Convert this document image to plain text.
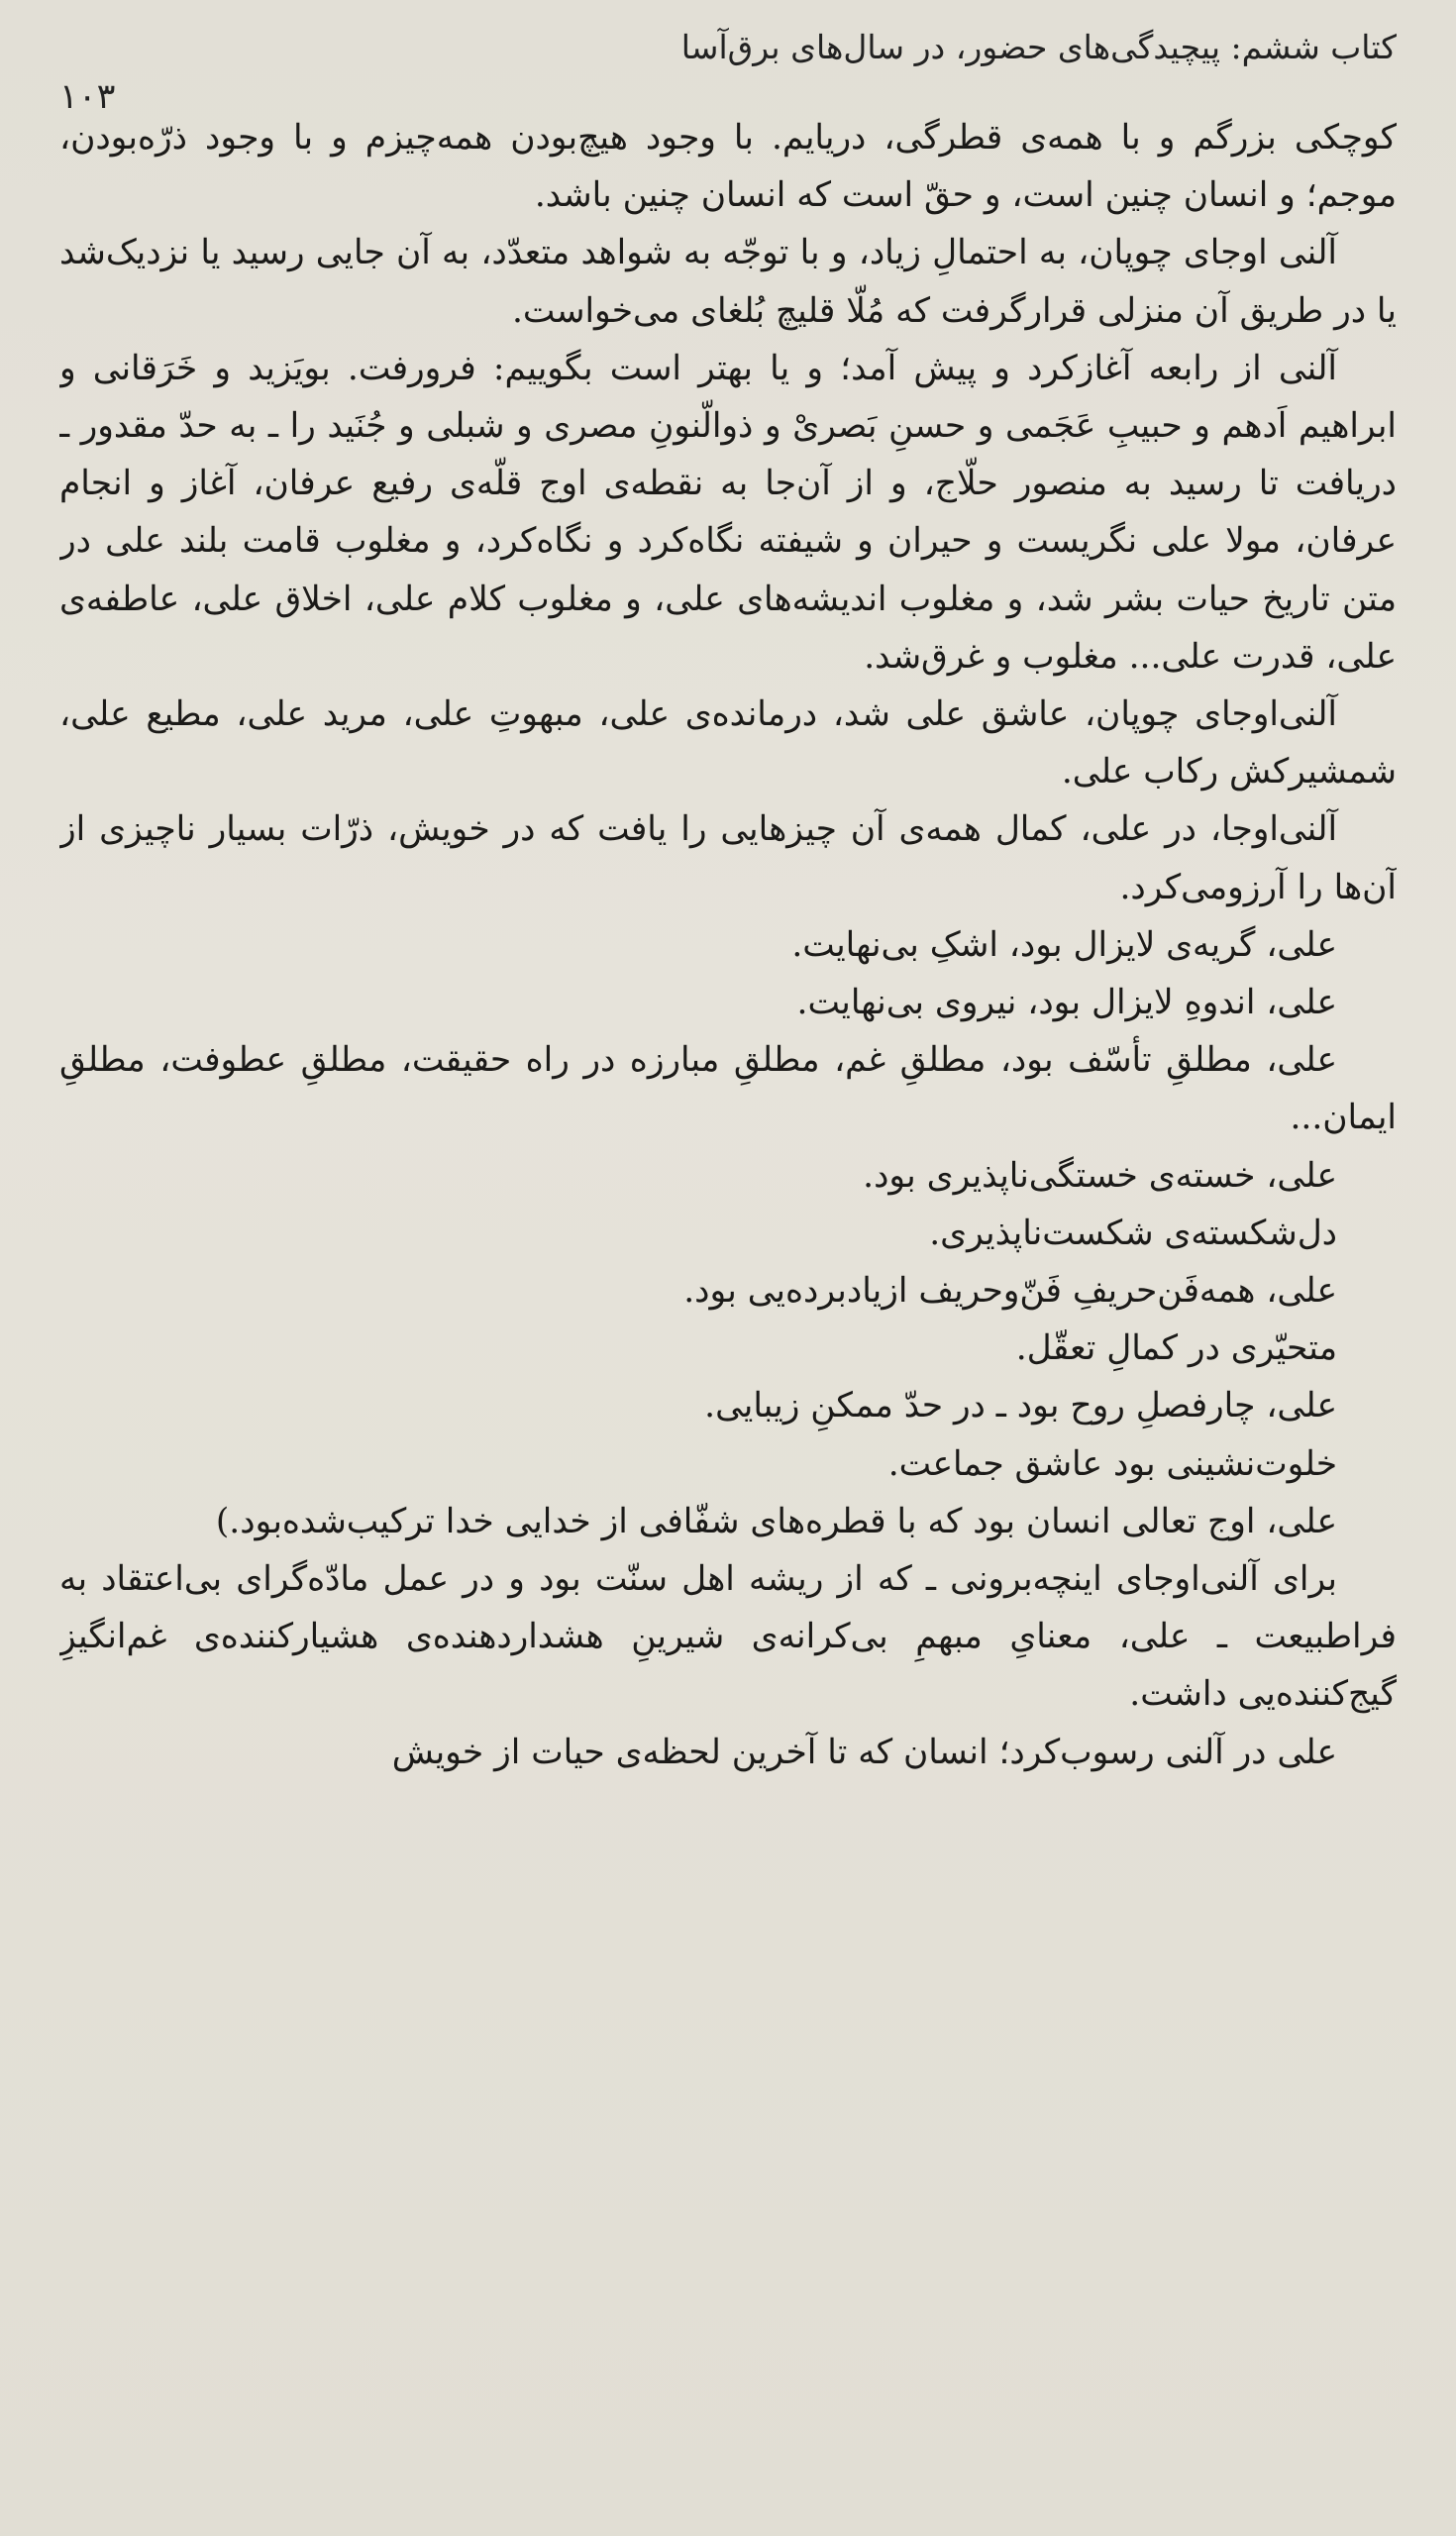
کتاب ششم: پیچیدگی‌های حضور، در سال‌های برق‌آسا
۱۰۳

کوچکی بزرگم و با همه‌ی قطرگی، دریایم. با وجود هیچ‌بودن همه‌چیزم و با وجود ذرّه‌بودن، موجم؛ و انسان چنین است، و حقّ است که انسان چنین باشد.

آلنی اوجای چوپان، به احتمالِ زیاد، و با توجّه به شواهد متعدّد، به آن جایی رسید یا نزدیک‌شد یا در طریق آن منزلی قرارگرفت که مُلّا قلیچ بُلغای می‌خواست.

آلنی از رابعه آغازکرد و پیش آمد؛ و یا بهتر است بگوییم: فرورفت. بویَزید و خَرَقانی و ابراهیم اَدهم و حبیبِ عَجَمی و حسنِ بَصریْ و ذوالّنونِ مصری و شبلی و جُنَید را ـ به حدّ مقدور ـ دریافت تا رسید به منصور حلّاج، و از آن‌جا به نقطه‌ی اوج قلّه‌ی رفیع عرفان، آغاز و انجام عرفان، مولا علی نگریست و حیران و شیفته نگاه‌کرد و نگاه‌کرد، و مغلوب قامت بلند علی در متن تاریخ حیات بشر شد، و مغلوب اندیشه‌های علی، و مغلوب کلام علی، اخلاق علی، عاطفه‌ی علی، قدرت علی... مغلوب و غرق‌شد.

آلنی‌اوجای چوپان، عاشق علی شد، درمانده‌ی علی، مبهوتِ علی، مرید علی، مطیع علی، شمشیرکش رکاب علی.

آلنی‌اوجا، در علی، کمال همه‌ی آن چیزهایی را یافت که در خویش، ذرّات بسیار ناچیزی از آن‌ها را آرزومی‌کرد.

علی، گریه‌ی لایزال بود، اشکِ بی‌نهایت.

علی، اندوهِ لایزال بود، نیروی بی‌نهایت.

علی، مطلقِ تأسّف بود، مطلقِ غم، مطلقِ مبارزه در راه حقیقت، مطلقِ عطوفت، مطلقِ ایمان...

علی، خسته‌ی خستگی‌ناپذیری بود.

دل‌شکسته‌ی شکست‌ناپذیری.

علی، همه‌فَن‌حریفِ فَنّ‌وحریف ازیادبرده‌یی بود.

متحیّری در کمالِ تعقّل.

علی، چارفصلِ روح بود ـ در حدّ ممکنِ زیبایی.

خلوت‌نشینی بود عاشق جماعت.

علی، اوج تعالی انسان بود که با قطره‌های شفّافی از خدایی خدا ترکیب‌شده‌بود.)

برای آلنی‌اوجای اینچه‌برونی ـ که از ریشه اهل سنّت بود و در عمل مادّه‌گرای بی‌اعتقاد به فراطبیعت ـ علی، معنایِ مبهمِ بی‌کرانه‌ی شیرینِ هشداردهنده‌ی هشیارکننده‌ی غم‌انگیزِ گیج‌کننده‌یی داشت.

علی در آلنی رسوب‌کرد؛ انسان که تا آخرین لحظه‌ی حیات از خویش
